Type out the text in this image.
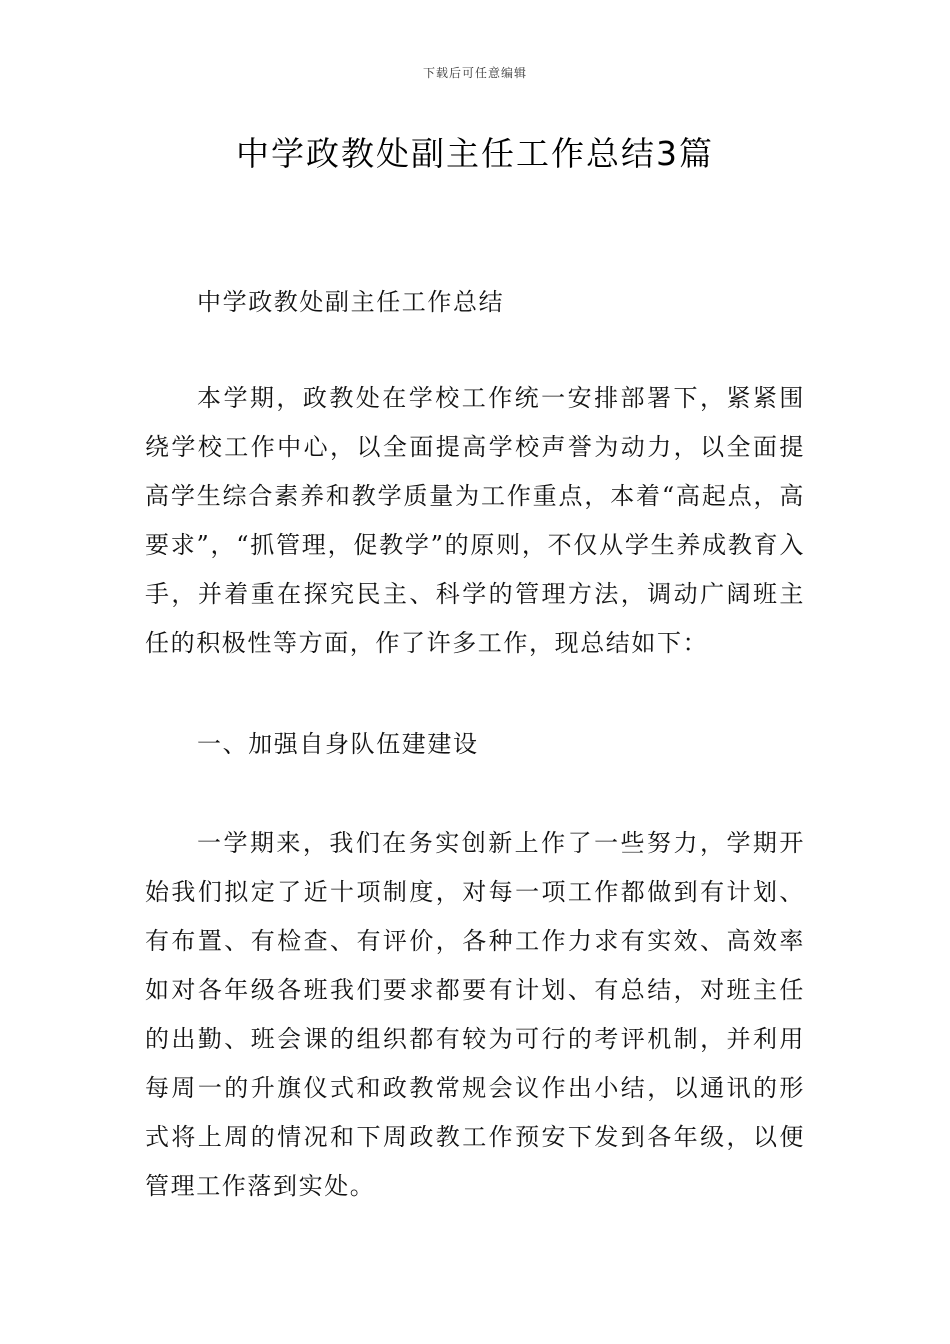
下载后可任意编辑
中学政教处副主任工作总结3篇

中学政教处副主任工作总结

本学期，政教处在学校工作统一安排部署下，紧紧围绕学校工作中心，以全面提高学校声誉为动力，以全面提高学生综合素养和教学质量为工作重点，本着“高起点，高要求”，“抓管理，促教学”的原则，不仅从学生养成教育入手，并着重在探究民主、科学的管理方法，调动广阔班主任的积极性等方面，作了许多工作，现总结如下：

一、加强自身队伍建建设

一学期来，我们在务实创新上作了一些努力，学期开始我们拟定了近十项制度，对每一项工作都做到有计划、有布置、有检查、有评价，各种工作力求有实效、高效率如对各年级各班我们要求都要有计划、有总结，对班主任的出勤、班会课的组织都有较为可行的考评机制，并利用每周一的升旗仪式和政教常规会议作出小结，以通讯的形式将上周的情况和下周政教工作预安下发到各年级，以便管理工作落到实处。
